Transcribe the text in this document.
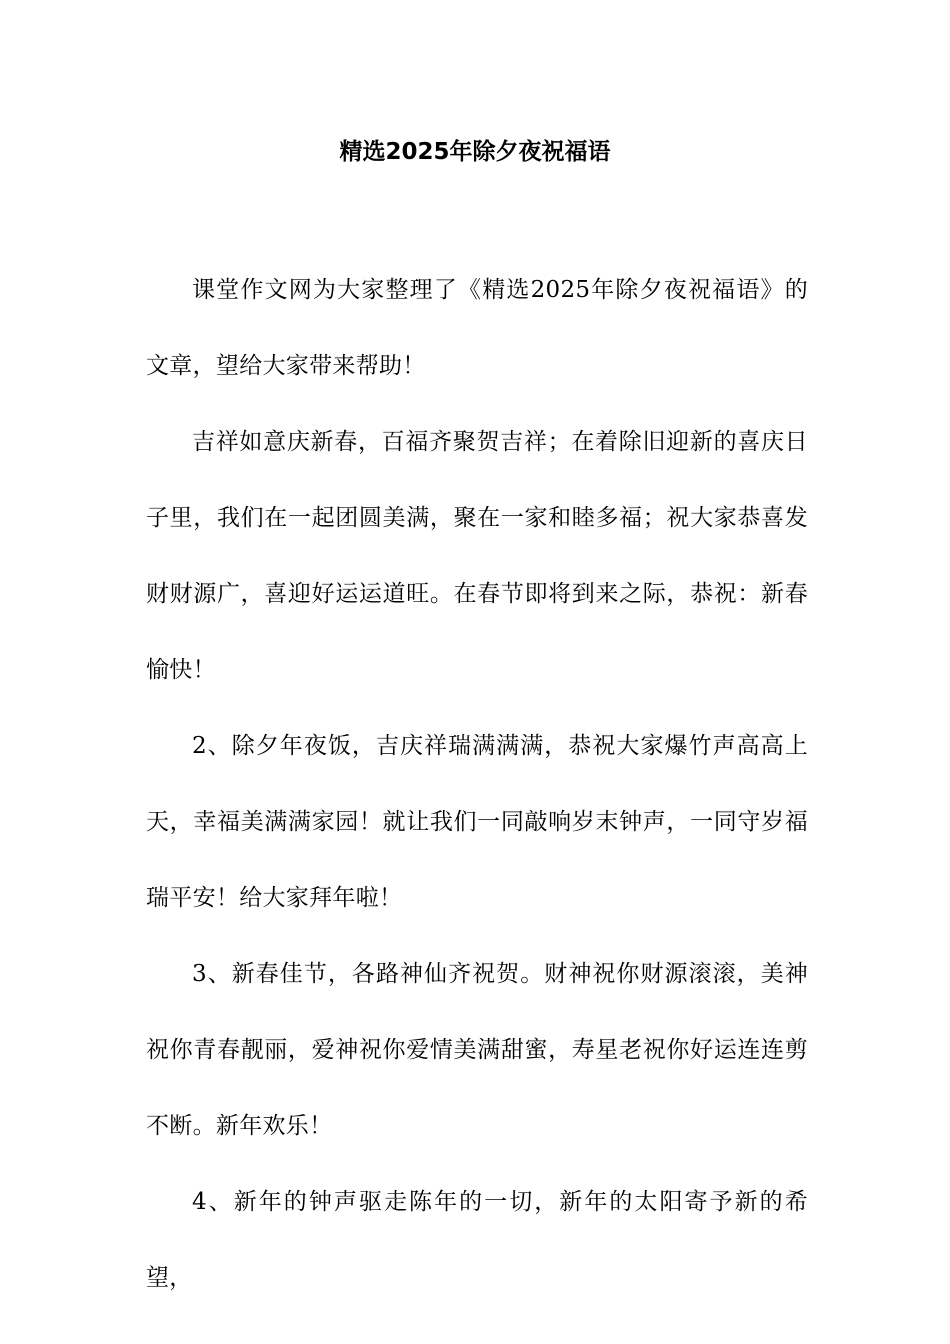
精选2025年除夕夜祝福语

课堂作文网为大家整理了《精选2025年除夕夜祝福语》的文章，望给大家带来帮助！

吉祥如意庆新春，百福齐聚贺吉祥；在着除旧迎新的喜庆日子里，我们在一起团圆美满，聚在一家和睦多福；祝大家恭喜发财财源广，喜迎好运运道旺。在春节即将到来之际，恭祝：新春愉快！

2、除夕年夜饭，吉庆祥瑞满满满，恭祝大家爆竹声高高上天，幸福美满满家园！就让我们一同敲响岁末钟声，一同守岁福瑞平安！给大家拜年啦！

3、新春佳节，各路神仙齐祝贺。财神祝你财源滚滚，美神祝你青春靓丽，爱神祝你爱情美满甜蜜，寿星老祝你好运连连剪不断。新年欢乐！

4、新年的钟声驱走陈年的一切，新年的太阳寄予新的希望，
